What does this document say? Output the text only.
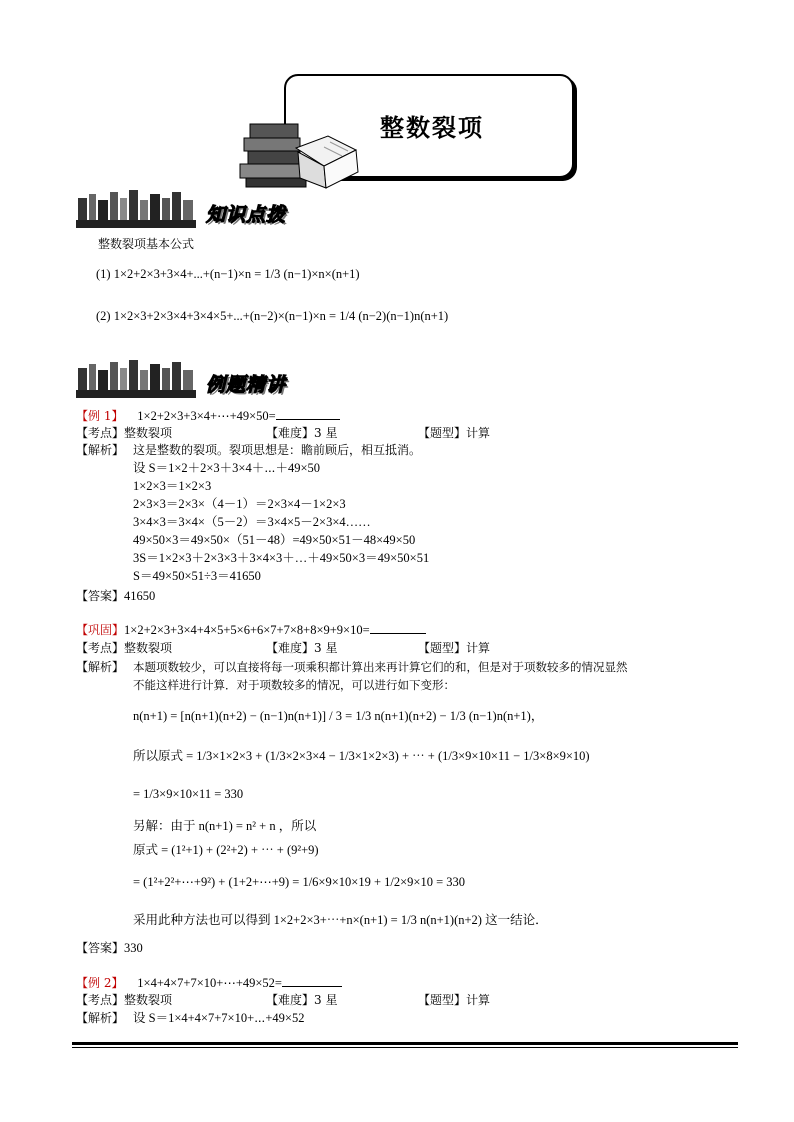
整数裂项
知识点拨
整数裂项基本公式
(1) 1×2+2×3+3×4+...+(n−1)×n = 1/3 (n−1)×n×(n+1)
(2) 1×2×3+2×3×4+3×4×5+...+(n−2)×(n−1)×n = 1/4 (n−2)(n−1)n(n+1)
例题精讲
【例 1】 1×2+2×3+3×4+⋯+49×50=
【考点】整数裂项	【难度】3 星	【题型】计算
【解析】 这是整数的裂项。裂项思想是：瞻前顾后，相互抵消。
设 S＝1×2＋2×3＋3×4＋⋯＋49×50
1×2×3＝1×2×3
2×3×3＝2×3×（4－1）＝2×3×4－1×2×3
3×4×3＝3×4×（5－2）＝3×4×5－2×3×4……
49×50×3＝49×50×（51－48）=49×50×51－48×49×50
3S＝1×2×3＋2×3×3＋3×4×3＋…＋49×50×3＝49×50×51
S＝49×50×51÷3＝41650
【答案】41650
【巩固】1×2+2×3+3×4+4×5+5×6+6×7+7×8+8×9+9×10=
【考点】整数裂项	【难度】3 星	【题型】计算
【解析】 本题项数较少，可以直接将每一项乘积都计算出来再计算它们的和，但是对于项数较多的情况显然
不能这样进行计算．对于项数较多的情况，可以进行如下变形：
n(n+1) = [n(n+1)(n+2) − (n−1)n(n+1)] / 3 = 1/3 n(n+1)(n+2) − 1/3 (n−1)n(n+1)，
所以原式 = 1/3×1×2×3 + (1/3×2×3×4 − 1/3×1×2×3) + ⋯ + (1/3×9×10×11 − 1/3×8×9×10)
= 1/3×9×10×11 = 330
另解：由于 n(n+1) = n² + n ，所以
原式 = (1²+1) + (2²+2) + ⋯ + (9²+9)
= (1²+2²+⋯+9²) + (1+2+⋯+9) = 1/6×9×10×19 + 1/2×9×10 = 330
采用此种方法也可以得到 1×2+2×3+⋯+n×(n+1) = 1/3 n(n+1)(n+2) 这一结论．
【答案】330
【例 2】 1×4+4×7+7×10+⋯+49×52=
【考点】整数裂项	【难度】3 星	【题型】计算
【解析】 设 S＝1×4+4×7+7×10+⋯+49×52
